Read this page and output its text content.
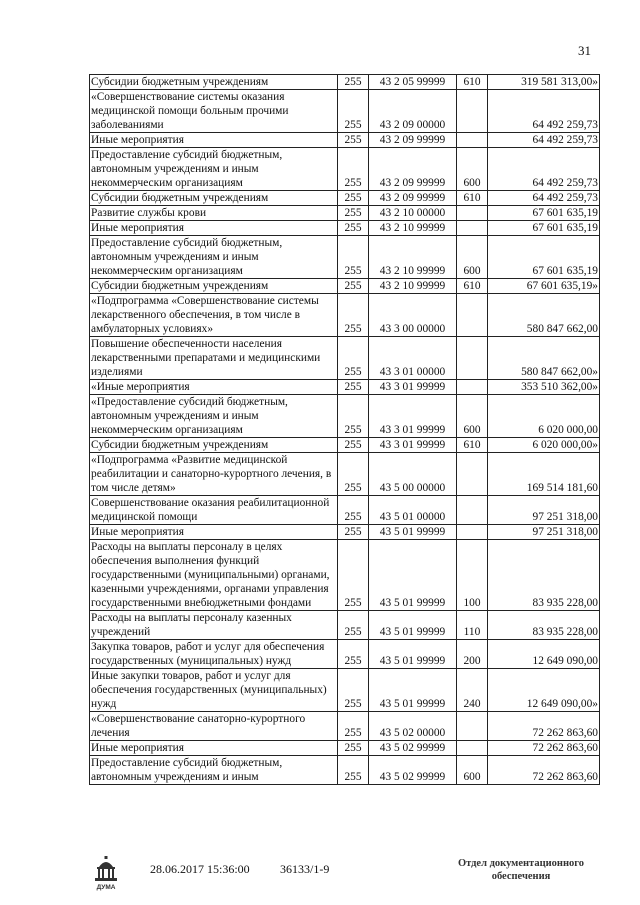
31
Субсидии бюджетным учреждениям	255	43 2 05 99999	610	319 581 313,00»
«Совершенствование системы оказания медицинской помощи больным прочими заболеваниями	255	43 2 09 00000		64 492 259,73
Иные мероприятия	255	43 2 09 99999		64 492 259,73
Предоставление субсидий бюджетным, автономным учреждениям и иным некоммерческим организациям	255	43 2 09 99999	600	64 492 259,73
Субсидии бюджетным учреждениям	255	43 2 09 99999	610	64 492 259,73
Развитие службы крови	255	43 2 10 00000		67 601 635,19
Иные мероприятия	255	43 2 10 99999		67 601 635,19
Предоставление субсидий бюджетным, автономным учреждениям и иным некоммерческим организациям	255	43 2 10 99999	600	67 601 635,19
Субсидии бюджетным учреждениям	255	43 2 10 99999	610	67 601 635,19»
«Подпрограмма «Совершенствование системы лекарственного обеспечения, в том числе в амбулаторных условиях»	255	43 3 00 00000		580 847 662,00
Повышение обеспеченности населения лекарственными препаратами и медицинскими изделиями	255	43 3 01 00000		580 847 662,00»
«Иные мероприятия	255	43 3 01 99999		353 510 362,00»
«Предоставление субсидий бюджетным, автономным учреждениям и иным некоммерческим организациям	255	43 3 01 99999	600	6 020 000,00
Субсидии бюджетным учреждениям	255	43 3 01 99999	610	6 020 000,00»
«Подпрограмма «Развитие медицинской реабилитации и санаторно-курортного лечения, в том числе детям»	255	43 5 00 00000		169 514 181,60
Совершенствование оказания реабилитационной медицинской помощи	255	43 5 01 00000		97 251 318,00
Иные мероприятия	255	43 5 01 99999		97 251 318,00
Расходы на выплаты персоналу в целях обеспечения выполнения функций государственными (муниципальными) органами, казенными учреждениями, органами управления государственными внебюджетными фондами	255	43 5 01 99999	100	83 935 228,00
Расходы на выплаты персоналу казенных учреждений	255	43 5 01 99999	110	83 935 228,00
Закупка товаров, работ и услуг для обеспечения государственных (муниципальных) нужд	255	43 5 01 99999	200	12 649 090,00
Иные закупки товаров, работ и услуг для обеспечения государственных (муниципальных) нужд	255	43 5 01 99999	240	12 649 090,00»
«Совершенствование санаторно-курортного лечения	255	43 5 02 00000		72 262 863,60
Иные мероприятия	255	43 5 02 99999		72 262 863,60
Предоставление субсидий бюджетным, автономным учреждениям и иным	255	43 5 02 99999	600	72 262 863,60
ДУМА
28.06.2017 15:36:00	36133/1-9	Отдел документационного
обеспечения
